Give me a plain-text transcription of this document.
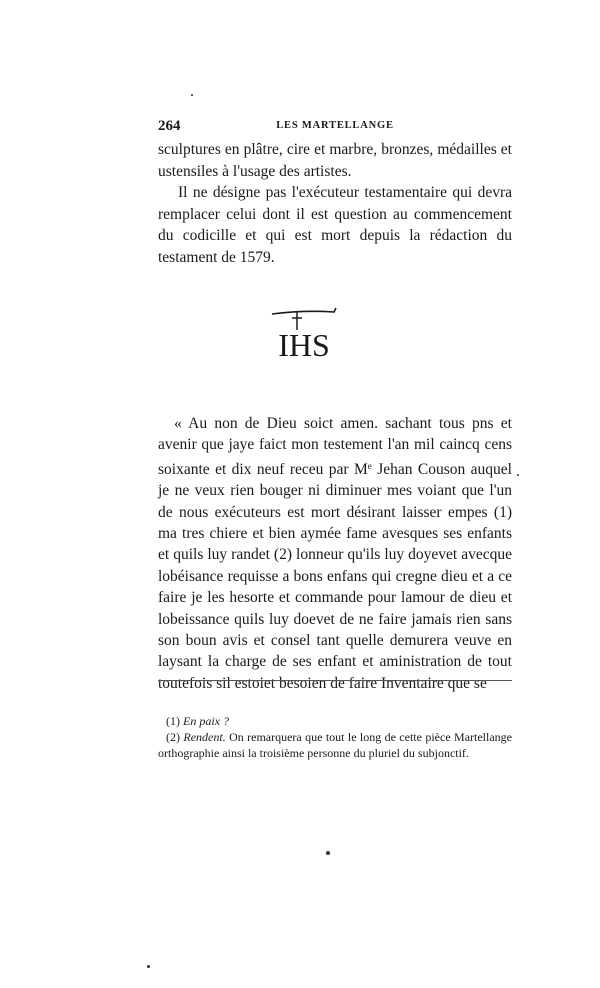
264	LES MARTELLANGE

sculptures en plâtre, cire et marbre, bronzes, médailles et ustensiles à l'usage des artistes.

Il ne désigne pas l'exécuteur testamentaire qui devra remplacer celui dont il est question au commencement du codicille et qui est mort depuis la rédaction du testament de 1579.

IHS

« Au non de Dieu soict amen. sachant tous pns et avenir que jaye faict mon testement l'an mil caincq cens soixante et dix neuf receu par Me Jehan Couson auquel je ne veux rien bouger ni diminuer mes voiant que l'un de nous exécuteurs est mort désirant laisser empes (1) ma tres chiere et bien aymée fame avesques ses enfants et quils luy randet (2) lonneur qu'ils luy doyevet avecque lobéisance requisse a bons enfans qui cregne dieu et a ce faire je les hesorte et commande pour lamour de dieu et lobeissance quils luy doevet de ne faire jamais rien sans son boun avis et consel tant quelle demurera veuve en laysant la charge de ses enfant et aministration de tout toutefois sil estoiet besoien de faire Inventaire que se

(1) En paix ?

(2) Rendent. On remarquera que tout le long de cette pièce Martellange orthographie ainsi la troisième personne du pluriel du subjonctif.
